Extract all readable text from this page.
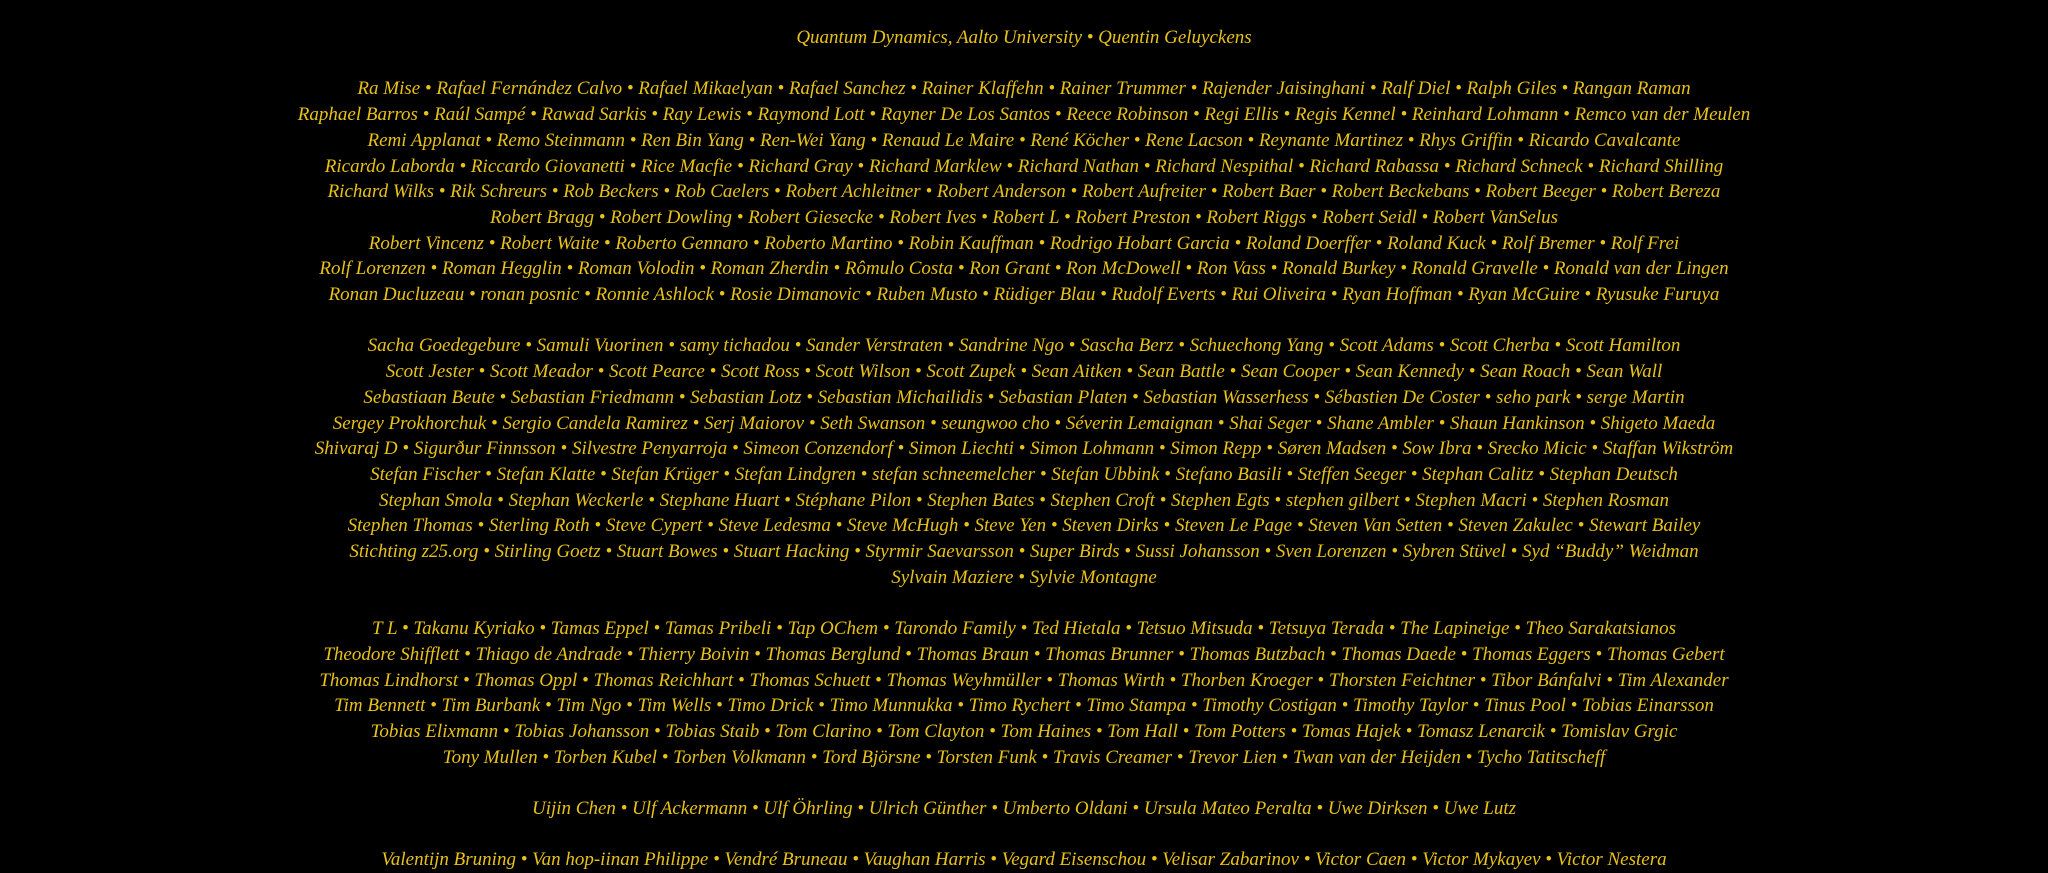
Quantum Dynamics, Aalto University • Quentin Geluyckens

Ra Mise • Rafael Fernández Calvo • Rafael Mikaelyan • Rafael Sanchez • Rainer Klaffehn • Rainer Trummer • Rajender Jaisinghani • Ralf Diel • Ralph Giles • Rangan Raman

Raphael Barros • Raúl Sampé • Rawad Sarkis • Ray Lewis • Raymond Lott • Rayner De Los Santos • Reece Robinson • Regi Ellis • Regis Kennel • Reinhard Lohmann • Remco van der Meulen

Remi Applanat • Remo Steinmann • Ren Bin Yang • Ren-Wei Yang • Renaud Le Maire • René Köcher • Rene Lacson • Reynante Martinez • Rhys Griffin • Ricardo Cavalcante

Ricardo Laborda • Riccardo Giovanetti • Rice Macfie • Richard Gray • Richard Marklew • Richard Nathan • Richard Nespithal • Richard Rabassa • Richard Schneck • Richard Shilling

Richard Wilks • Rik Schreurs • Rob Beckers • Rob Caelers • Robert Achleitner • Robert Anderson • Robert Aufreiter • Robert Baer • Robert Beckebans • Robert Beeger • Robert Bereza

Robert Bragg • Robert Dowling • Robert Giesecke • Robert Ives • Robert L • Robert Preston • Robert Riggs • Robert Seidl • Robert VanSelus

Robert Vincenz • Robert Waite • Roberto Gennaro • Roberto Martino • Robin Kauffman • Rodrigo Hobart Garcia • Roland Doerffer • Roland Kuck • Rolf Bremer • Rolf Frei

Rolf Lorenzen • Roman Hegglin • Roman Volodin • Roman Zherdin • Rômulo Costa • Ron Grant • Ron McDowell • Ron Vass • Ronald Burkey • Ronald Gravelle • Ronald van der Lingen

Ronan Ducluzeau • ronan posnic • Ronnie Ashlock • Rosie Dimanovic • Ruben Musto • Rüdiger Blau • Rudolf Everts • Rui Oliveira • Ryan Hoffman • Ryan McGuire • Ryusuke Furuya

Sacha Goedegebure • Samuli Vuorinen • samy tichadou • Sander Verstraten • Sandrine Ngo • Sascha Berz • Schuechong Yang • Scott Adams • Scott Cherba • Scott Hamilton

Scott Jester • Scott Meador • Scott Pearce • Scott Ross • Scott Wilson • Scott Zupek • Sean Aitken • Sean Battle • Sean Cooper • Sean Kennedy • Sean Roach • Sean Wall

Sebastiaan Beute • Sebastian Friedmann • Sebastian Lotz • Sebastian Michailidis • Sebastian Platen • Sebastian Wasserhess • Sébastien De Coster • seho park • serge Martin

Sergey Prokhorchuk • Sergio Candela Ramirez • Serj Maiorov • Seth Swanson • seungwoo cho • Séverin Lemaignan • Shai Seger • Shane Ambler • Shaun Hankinson • Shigeto Maeda

Shivaraj D • Sigurður Finnsson • Silvestre Penyarroja • Simeon Conzendorf • Simon Liechti • Simon Lohmann • Simon Repp • Søren Madsen • Sow Ibra • Srecko Micic • Staffan Wikström

Stefan Fischer • Stefan Klatte • Stefan Krüger • Stefan Lindgren • stefan schneemelcher • Stefan Ubbink • Stefano Basili • Steffen Seeger • Stephan Calitz • Stephan Deutsch

Stephan Smola • Stephan Weckerle • Stephane Huart • Stéphane Pilon • Stephen Bates • Stephen Croft • Stephen Egts • stephen gilbert • Stephen Macri • Stephen Rosman

Stephen Thomas • Sterling Roth • Steve Cypert • Steve Ledesma • Steve McHugh • Steve Yen • Steven Dirks • Steven Le Page • Steven Van Setten • Steven Zakulec • Stewart Bailey

Stichting z25.org • Stirling Goetz • Stuart Bowes • Stuart Hacking • Styrmir Saevarsson • Super Birds • Sussi Johansson • Sven Lorenzen • Sybren Stüvel • Syd “Buddy” Weidman

Sylvain Maziere • Sylvie Montagne

T L • Takanu Kyriako • Tamas Eppel • Tamas Pribeli • Tap OChem • Tarondo Family • Ted Hietala • Tetsuo Mitsuda • Tetsuya Terada • The Lapineige • Theo Sarakatsianos

Theodore Shifflett • Thiago de Andrade • Thierry Boivin • Thomas Berglund • Thomas Braun • Thomas Brunner • Thomas Butzbach • Thomas Daede • Thomas Eggers • Thomas Gebert

Thomas Lindhorst • Thomas Oppl • Thomas Reichhart • Thomas Schuett • Thomas Weyhmüller • Thomas Wirth • Thorben Kroeger • Thorsten Feichtner • Tibor Bánfalvi • Tim Alexander

Tim Bennett • Tim Burbank • Tim Ngo • Tim Wells • Timo Drick • Timo Munnukka • Timo Rychert • Timo Stampa • Timothy Costigan • Timothy Taylor • Tinus Pool • Tobias Einarsson

Tobias Elixmann • Tobias Johansson • Tobias Staib • Tom Clarino • Tom Clayton • Tom Haines • Tom Hall • Tom Potters • Tomas Hajek • Tomasz Lenarcik • Tomislav Grgic

Tony Mullen • Torben Kubel • Torben Volkmann • Tord Björsne • Torsten Funk • Travis Creamer • Trevor Lien • Twan van der Heijden • Tycho Tatitscheff

Uijin Chen • Ulf Ackermann • Ulf Öhrling • Ulrich Günther • Umberto Oldani • Ursula Mateo Peralta • Uwe Dirksen • Uwe Lutz

Valentijn Bruning • Van hop-iinan Philippe • Vendré Bruneau • Vaughan Harris • Vegard Eisenschou • Velisar Zabarinov • Victor Caen • Victor Mykayev • Victor Nestera
